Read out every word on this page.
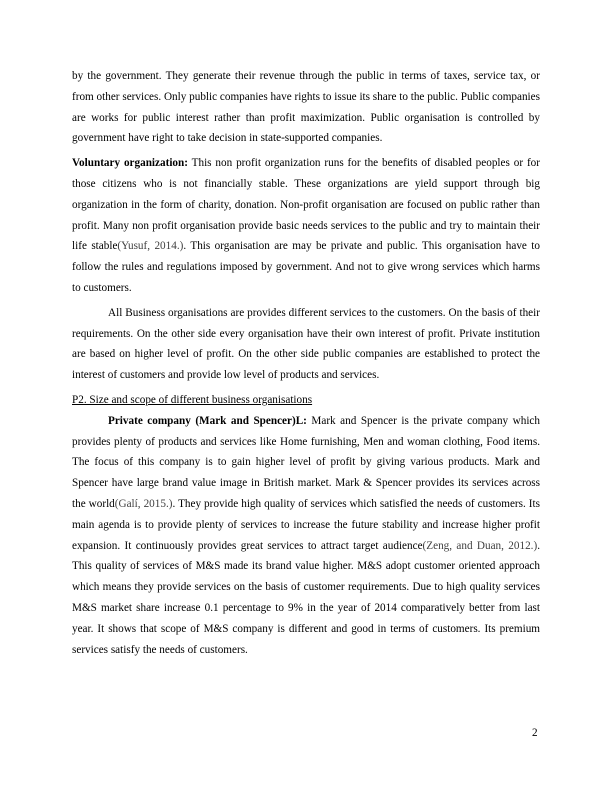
by the government. They generate their revenue through the public in terms of taxes, service tax, or from other services. Only public companies have rights to issue its share to the public. Public companies are works for public interest rather than profit maximization. Public organisation is controlled by government have right to take decision in state-supported companies.

Voluntary organization: This non profit organization runs for the benefits of disabled peoples or for those citizens who is not financially stable. These organizations are yield support through big organization in the form of charity, donation. Non-profit organisation are focused on public rather than profit. Many non profit organisation provide basic needs services to the public and try to maintain their life stable(Yusuf, 2014.). This organisation are may be private and public. This organisation have to follow the rules and regulations imposed by government. And not to give wrong services which harms to customers.

All Business organisations are provides different services to the customers. On the basis of their requirements. On the other side every organisation have their own interest of profit. Private institution are based on higher level of profit. On the other side public companies are established to protect the interest of customers and provide low level of products and services.

P2. Size and scope of different business organisations

Private company (Mark and Spencer)L: Mark and Spencer is the private company which provides plenty of products and services like Home furnishing, Men and woman clothing, Food items. The focus of this company is to gain higher level of profit by giving various products. Mark and Spencer have large brand value image in British market. Mark & Spencer provides its services across the world(Galí, 2015.). They provide high quality of services which satisfied the needs of customers. Its main agenda is to provide plenty of services to increase the future stability and increase higher profit expansion. It continuously provides great services to attract target audience(Zeng, and Duan, 2012.). This quality of services of M&S made its brand value higher. M&S adopt customer oriented approach which means they provide services on the basis of customer requirements. Due to high quality services M&S market share increase 0.1 percentage to 9% in the year of 2014 comparatively better from last year. It shows that scope of M&S company is different and good in terms of customers. Its premium services satisfy the needs of customers.

2
